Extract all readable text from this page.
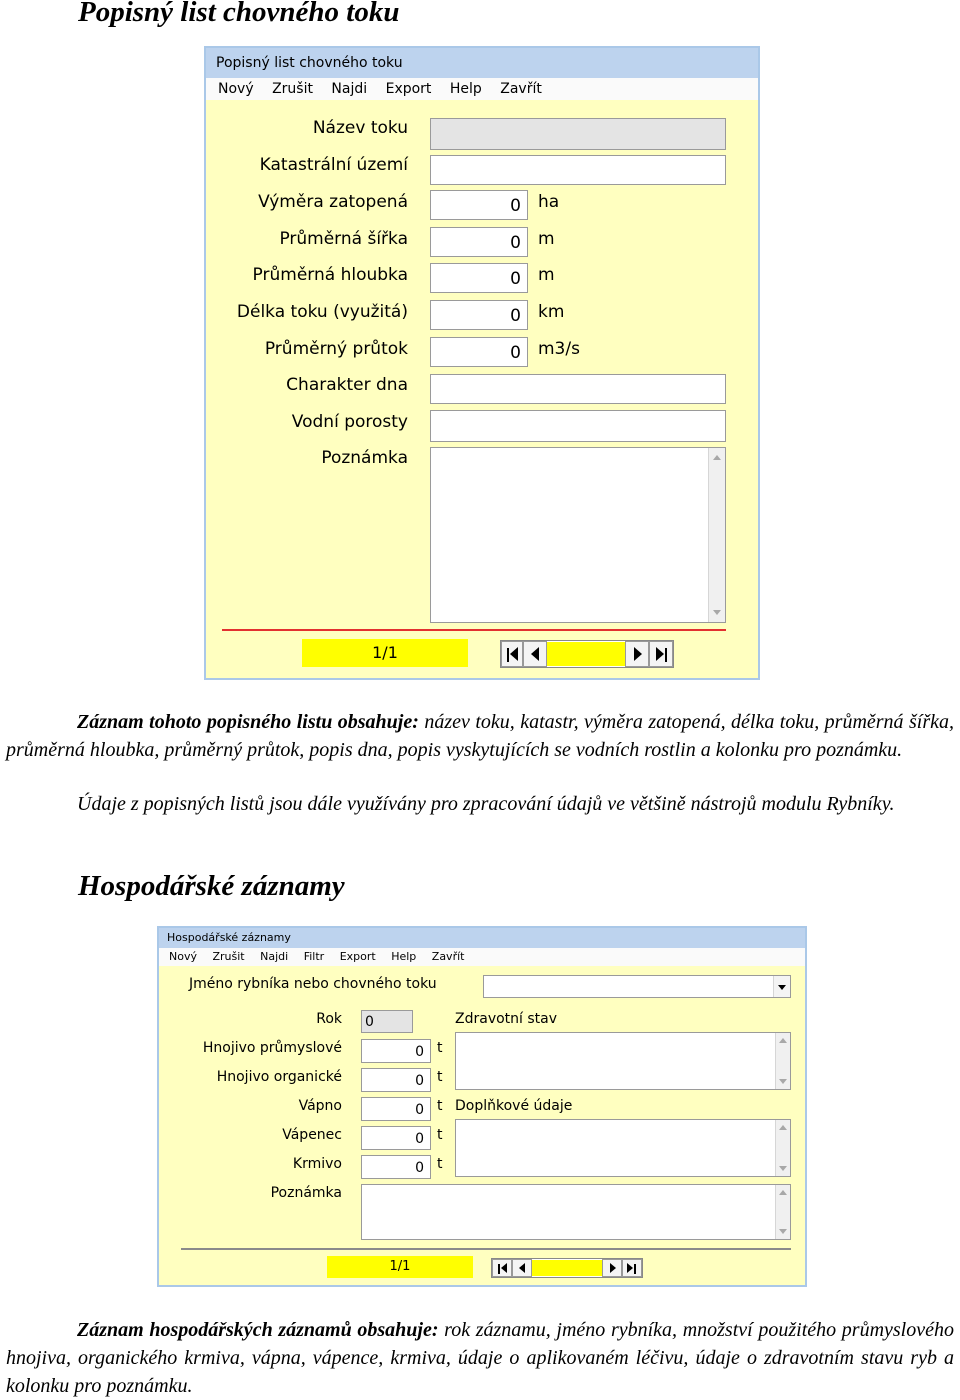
Popisný list chovného toku
Popisný list chovného toku
Nový Zrušit Najdi Export Help Zavřít
Název toku
Katastrální území
Výměra zatopená	0	ha
Průměrná šířka	0	m
Průměrná hloubka	0	m
Délka toku (využitá)	0	km
Průměrný průtok	0	m3/s
Charakter dna
Vodní porosty
Poznámka
1/1
Záznam tohoto popisného listu obsahuje: název toku, katastr, výměra zatopená, délka toku, průměrná šířka, průměrná hloubka, průměrný průtok, popis dna, popis vyskytujících se vodních rostlin a kolonku pro poznámku.
Údaje z popisných listů jsou dále využívány pro zpracování údajů ve většině nástrojů modulu Rybníky.
Hospodářské záznamy
Hospodářské záznamy
Nový Zrušit Najdi Filtr Export Help Zavřít
Jméno rybníka nebo chovného toku
Rok 0	Zdravotní stav
Hnojivo průmyslové	0 t
Hnojivo organické	0 t
Vápno	0 t Doplňkové údaje
Vápenec	0 t
Krmivo	0 t
Poznámka
1/1
Záznam hospodářských záznamů obsahuje: rok záznamu, jméno rybníka, množství použitého průmyslového hnojiva, organického krmiva, vápna, vápence, krmiva, údaje o aplikovaném léčivu, údaje o zdravotním stavu ryb a kolonku pro poznámku.
